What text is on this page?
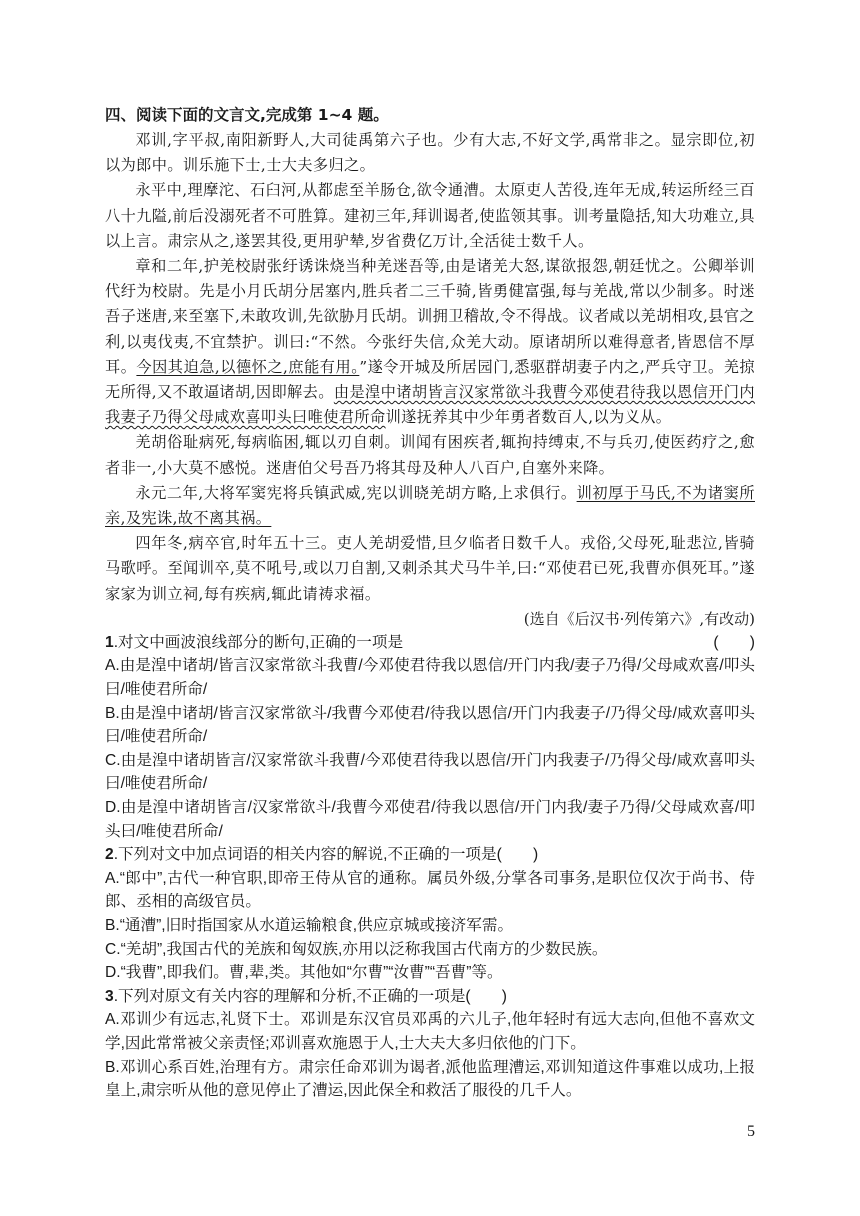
四、阅读下面的文言文,完成第 1~4 题。

邓训,字平叔,南阳新野人,大司徒禹第六子也。少有大志,不好文学,禹常非之。显宗即位,初以为郎中。训乐施下士,士大夫多归之。

永平中,理摩沱、石臼河,从都虑至羊肠仓,欲令通漕。太原吏人苦役,连年无成,转运所经三百八十九隘,前后没溺死者不可胜算。建初三年,拜训谒者,使监领其事。训考量隐括,知大功难立,具以上言。肃宗从之,遂罢其役,更用驴辇,岁省费亿万计,全活徒士数千人。

章和二年,护羌校尉张纡诱诛烧当种羌迷吾等,由是诸羌大怒,谋欲报怨,朝廷忧之。公卿举训代纡为校尉。先是小月氏胡分居塞内,胜兵者二三千骑,皆勇健富强,每与羌战,常以少制多。时迷吾子迷唐,来至塞下,未敢攻训,先欲胁月氏胡。训拥卫稽故,令不得战。议者咸以羌胡相攻,县官之利,以夷伐夷,不宜禁护。训曰:“不然。今张纡失信,众羌大动。原诸胡所以难得意者,皆恩信不厚耳。今因其迫急,以德怀之,庶能有用。”遂令开城及所居园门,悉驱群胡妻子内之,严兵守卫。羌掠无所得,又不敢逼诸胡,因即解去。由是湟中诸胡皆言汉家常欲斗我曹今邓使君待我以恩信开门内我妻子乃得父母咸欢喜叩头曰唯使君所命训遂抚养其中少年勇者数百人,以为义从。

羌胡俗耻病死,每病临困,辄以刃自刺。训闻有困疾者,辄拘持缚束,不与兵刃,使医药疗之,愈者非一,小大莫不感悦。迷唐伯父号吾乃将其母及种人八百户,自塞外来降。

永元二年,大将军窦宪将兵镇武威,宪以训晓羌胡方略,上求俱行。训初厚于马氏,不为诸窦所亲,及宪诛,故不离其祸。

四年冬,病卒官,时年五十三。吏人羌胡爱惜,旦夕临者日数千人。戎俗,父母死,耻悲泣,皆骑马歌呼。至闻训卒,莫不吼号,或以刀自割,又刺杀其犬马牛羊,曰:“邓使君已死,我曹亦俱死耳。”遂家家为训立祠,每有疾病,辄此请祷求福。

(选自《后汉书·列传第六》,有改动)

1.对文中画波浪线部分的断句,正确的一项是	(　　)

A.由是湟中诸胡/皆言汉家常欲斗我曹/今邓使君待我以恩信/开门内我/妻子乃得/父母咸欢喜/叩头曰/唯使君所命/

B.由是湟中诸胡/皆言汉家常欲斗/我曹今邓使君/待我以恩信/开门内我妻子/乃得父母/咸欢喜叩头曰/唯使君所命/

C.由是湟中诸胡皆言/汉家常欲斗我曹/今邓使君待我以恩信/开门内我妻子/乃得父母/咸欢喜叩头曰/唯使君所命/

D.由是湟中诸胡皆言/汉家常欲斗/我曹今邓使君/待我以恩信/开门内我/妻子乃得/父母咸欢喜/叩头曰/唯使君所命/

2.下列对文中加点词语的相关内容的解说,不正确的一项是(　　)

A.“郎中”,古代一种官职,即帝王侍从官的通称。属员外级,分掌各司事务,是职位仅次于尚书、侍郎、丞相的高级官员。

B.“通漕”,旧时指国家从水道运输粮食,供应京城或接济军需。

C.“羌胡”,我国古代的羌族和匈奴族,亦用以泛称我国古代南方的少数民族。

D.“我曹”,即我们。曹,辈,类。其他如“尔曹”“汝曹”“吾曹”等。

3.下列对原文有关内容的理解和分析,不正确的一项是(　　)

A.邓训少有远志,礼贤下士。邓训是东汉官员邓禹的六儿子,他年轻时有远大志向,但他不喜欢文学,因此常常被父亲责怪;邓训喜欢施恩于人,士大夫大多归依他的门下。

B.邓训心系百姓,治理有方。肃宗任命邓训为谒者,派他监理漕运,邓训知道这件事难以成功,上报皇上,肃宗听从他的意见停止了漕运,因此保全和救活了服役的几千人。

5
